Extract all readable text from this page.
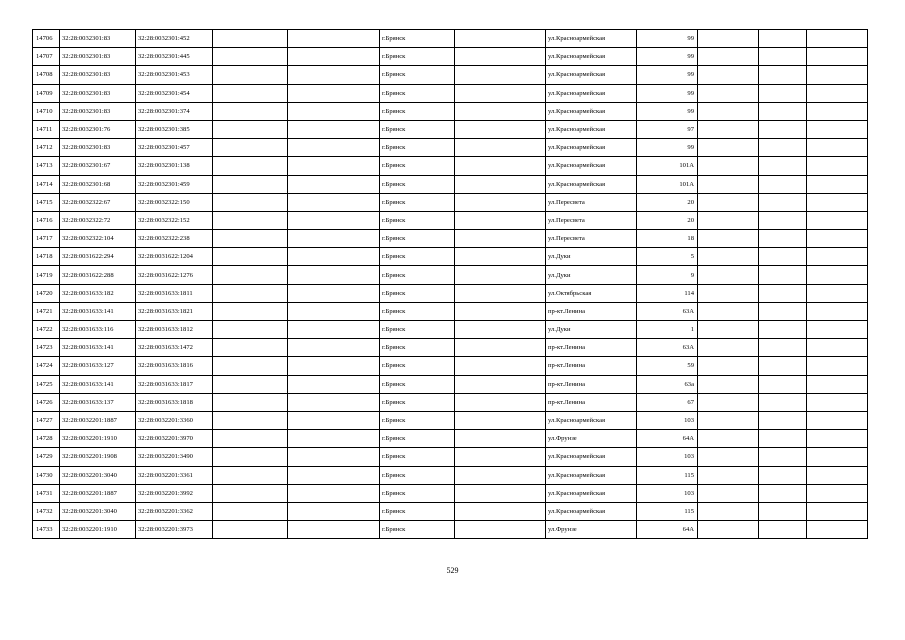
14706	32:28:0032301:83	32:28:0032301:452			г.Брянск		ул.Красноармейская	99			
14707	32:28:0032301:83	32:28:0032301:445			г.Брянск		ул.Красноармейская	99			
14708	32:28:0032301:83	32:28:0032301:453			г.Брянск		ул.Красноармейская	99			
14709	32:28:0032301:83	32:28:0032301:454			г.Брянск		ул.Красноармейская	99			
14710	32:28:0032301:83	32:28:0032301:374			г.Брянск		ул.Красноармейская	99			
14711	32:28:0032301:76	32:28:0032301:385			г.Брянск		ул.Красноармейская	97			
14712	32:28:0032301:83	32:28:0032301:457			г.Брянск		ул.Красноармейская	99			
14713	32:28:0032301:67	32:28:0032301:138			г.Брянск		ул.Красноармейская	101А			
14714	32:28:0032301:68	32:28:0032301:459			г.Брянск		ул.Красноармейская	101А			
14715	32:28:0032322:67	32:28:0032322:150			г.Брянск		ул.Пересвета	20			
14716	32:28:0032322:72	32:28:0032322:152			г.Брянск		ул.Пересвета	20			
14717	32:28:0032322:104	32:28:0032322:238			г.Брянск		ул.Пересвета	18			
14718	32:28:0031622:294	32:28:0031622:1204			г.Брянск		ул.Дуки	5			
14719	32:28:0031622:288	32:28:0031622:1276			г.Брянск		ул.Дуки	9			
14720	32:28:0031633:182	32:28:0031633:1811			г.Брянск		ул.Октябрьская	114			
14721	32:28:0031633:141	32:28:0031633:1821			г.Брянск		пр-кт.Ленина	63А			
14722	32:28:0031633:116	32:28:0031633:1812			г.Брянск		ул.Дуки	1			
14723	32:28:0031633:141	32:28:0031633:1472			г.Брянск		пр-кт.Ленина	63А			
14724	32:28:0031633:127	32:28:0031633:1816			г.Брянск		пр-кт.Ленина	59			
14725	32:28:0031633:141	32:28:0031633:1817			г.Брянск		пр-кт.Ленина	63а			
14726	32:28:0031633:137	32:28:0031633:1818			г.Брянск		пр-кт.Ленина	67			
14727	32:28:0032201:1887	32:28:0032201:3360			г.Брянск		ул.Красноармейская	103			
14728	32:28:0032201:1910	32:28:0032201:3970			г.Брянск		ул.Фрунзе	64А			
14729	32:28:0032201:1908	32:28:0032201:3490			г.Брянск		ул.Красноармейская	103			
14730	32:28:0032201:3040	32:28:0032201:3361			г.Брянск		ул.Красноармейская	115			
14731	32:28:0032201:1887	32:28:0032201:3992			г.Брянск		ул.Красноармейская	103			
14732	32:28:0032201:3040	32:28:0032201:3362			г.Брянск		ул.Красноармейская	115			
14733	32:28:0032201:1910	32:28:0032201:3973			г.Брянск		ул.Фрунзе	64А			
529
